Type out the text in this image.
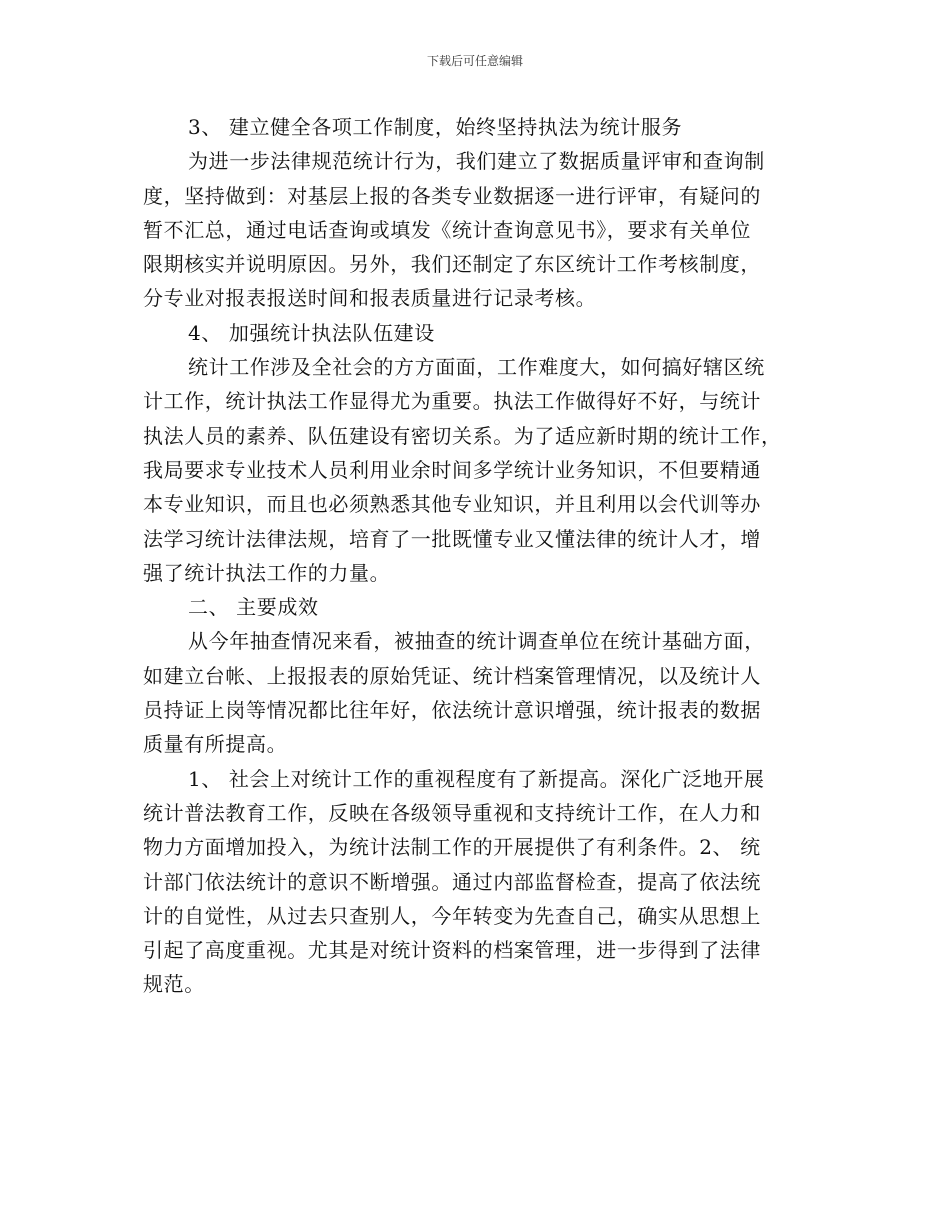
下载后可任意编辑
3、 建立健全各项工作制度，始终坚持执法为统计服务
为进一步法律规范统计行为，我们建立了数据质量评审和查询制
度，坚持做到：对基层上报的各类专业数据逐一进行评审，有疑问的
暂不汇总，通过电话查询或填发《统计查询意见书》，要求有关单位
限期核实并说明原因。另外，我们还制定了东区统计工作考核制度，
分专业对报表报送时间和报表质量进行记录考核。
4、 加强统计执法队伍建设
统计工作涉及全社会的方方面面，工作难度大，如何搞好辖区统
计工作，统计执法工作显得尤为重要。执法工作做得好不好，与统计
执法人员的素养、队伍建设有密切关系。为了适应新时期的统计工作，
我局要求专业技术人员利用业余时间多学统计业务知识，不但要精通
本专业知识，而且也必须熟悉其他专业知识，并且利用以会代训等办
法学习统计法律法规，培育了一批既懂专业又懂法律的统计人才，增
强了统计执法工作的力量。
二、 主要成效
从今年抽查情况来看，被抽查的统计调查单位在统计基础方面，
如建立台帐、上报报表的原始凭证、统计档案管理情况，以及统计人
员持证上岗等情况都比往年好，依法统计意识增强，统计报表的数据
质量有所提高。
1、 社会上对统计工作的重视程度有了新提高。深化广泛地开展
统计普法教育工作，反映在各级领导重视和支持统计工作，在人力和
物力方面增加投入，为统计法制工作的开展提供了有利条件。2、 统
计部门依法统计的意识不断增强。通过内部监督检查，提高了依法统
计的自觉性，从过去只查别人，今年转变为先查自己，确实从思想上
引起了高度重视。尤其是对统计资料的档案管理，进一步得到了法律
规范。
